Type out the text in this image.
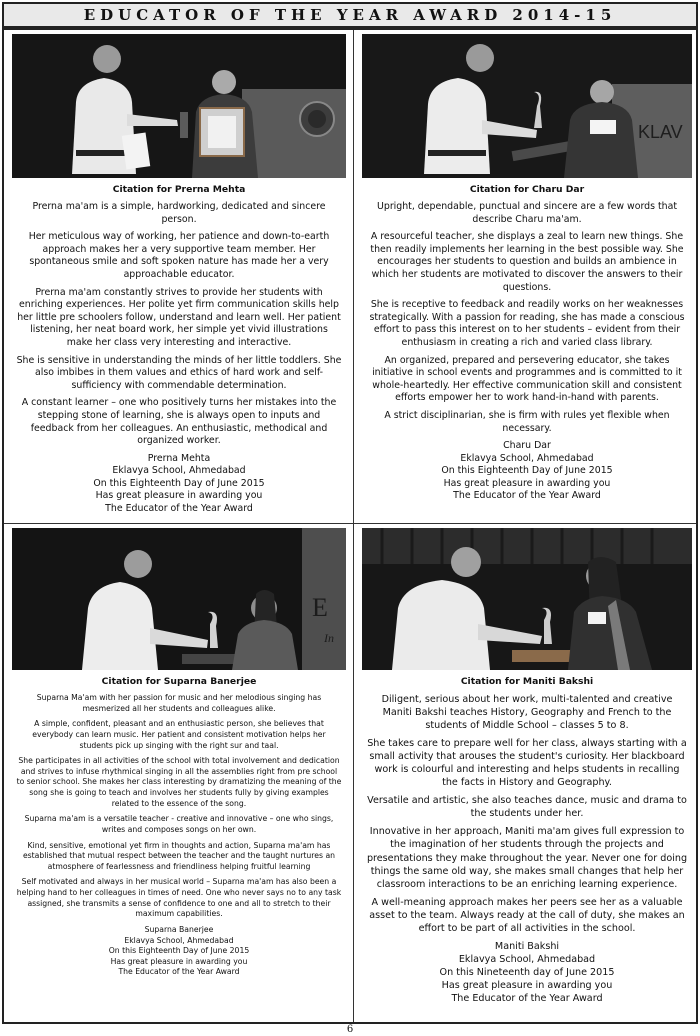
EDUCATOR OF THE YEAR AWARD 2014-15
Citation for Prerna Mehta

Prerna ma'am is a simple, hardworking, dedicated and sincere person.

Her meticulous way of working, her patience and down-to-earth approach makes her a very supportive team member. Her spontaneous smile and soft spoken nature has made her a very approachable educator.

Prerna ma'am constantly strives to provide her students with enriching experiences. Her polite yet firm communication skills help her little pre schoolers follow, understand and learn well. Her patient listening, her neat board work, her simple yet vivid illustrations make her class very interesting and interactive.

She is sensitive in understanding the minds of her little toddlers. She also imbibes in them values and ethics of hard work and self-sufficiency with commendable determination.

A constant learner – one who positively turns her mistakes into the stepping stone of learning, she is always open to inputs and feedback from her colleagues. An enthusiastic, methodical and organized worker.

Prerna Mehta
Eklavya School, Ahmedabad
On this Eighteenth Day of June 2015
Has great pleasure in awarding you
The Educator of the Year Award
KLAV
Citation for Charu Dar

Upright, dependable, punctual and sincere are a few words that describe Charu ma'am.

A resourceful teacher, she displays a zeal to learn new things. She then readily implements her learning in the best possible way. She encourages her students to question and builds an ambience in which her students are motivated to discover the answers to their questions.

She is receptive to feedback and readily works on her weaknesses strategically. With a passion for reading, she has made a conscious effort to pass this interest on to her students – evident from their enthusiasm in creating a rich and varied class library.

An organized, prepared and persevering educator, she takes initiative in school events and programmes and is committed to it whole-heartedly. Her effective communication skill and consistent efforts empower her to work hand-in-hand with parents.

A strict disciplinarian, she is firm with rules yet flexible when necessary.

Charu Dar
Eklavya School, Ahmedabad
On this Eighteenth Day of June 2015
Has great pleasure in awarding you
The Educator of the Year Award
E
In
Citation for Suparna Banerjee

Suparna Ma'am with her passion for music and her melodious singing has mesmerized all her students and colleagues alike.

A simple, confident, pleasant and an enthusiastic person, she believes that everybody can learn music. Her patient and consistent motivation helps her students pick up singing with the right sur and taal.

She participates in all activities of the school with total involvement and dedication and strives to infuse rhythmical singing in all the assemblies right from pre school to senior school. She makes her class interesting by dramatizing the meaning of the song she is going to teach and involves her students fully by giving examples related to the essence of the song.

Suparna ma'am is a versatile teacher - creative and innovative – one who sings, writes and composes songs on her own.

Kind, sensitive, emotional yet firm in thoughts and action, Suparna ma'am has established that mutual respect between the teacher and the taught nurtures an atmosphere of fearlessness and friendliness helping fruitful learning

Self motivated and always in her musical world – Suparna ma'am has also been a helping hand to her colleagues in times of need. One who never says no to any task assigned, she transmits a sense of confidence to one and all to stretch to their maximum capabilities.

Suparna Banerjee
Eklavya School, Ahmedabad
On this Eighteenth Day of June 2015
Has great pleasure in awarding you
The Educator of the Year Award
Citation for Maniti Bakshi

Diligent, serious about her work, multi-talented and creative Maniti Bakshi teaches History, Geography and French to the students of Middle School – classes 5 to 8.

She takes care to prepare well for her class, always starting with a small activity that arouses the student's curiosity. Her blackboard work is colourful and interesting and helps students in recalling the facts in History and Geography.

Versatile and artistic, she also teaches dance, music and drama to the students under her.

Innovative in her approach, Maniti ma'am gives full expression to the imagination of her students through the projects and presentations they make throughout the year. Never one for doing things the same old way, she makes small changes that help her classroom interactions to be an enriching learning experience.

A well-meaning approach makes her peers see her as a valuable asset to the team. Always ready at the call of duty, she makes an effort to be part of all activities in the school.

Maniti Bakshi
Eklavya School, Ahmedabad
On this Nineteenth day of June 2015
Has great pleasure in awarding you
The Educator of the Year Award
6
